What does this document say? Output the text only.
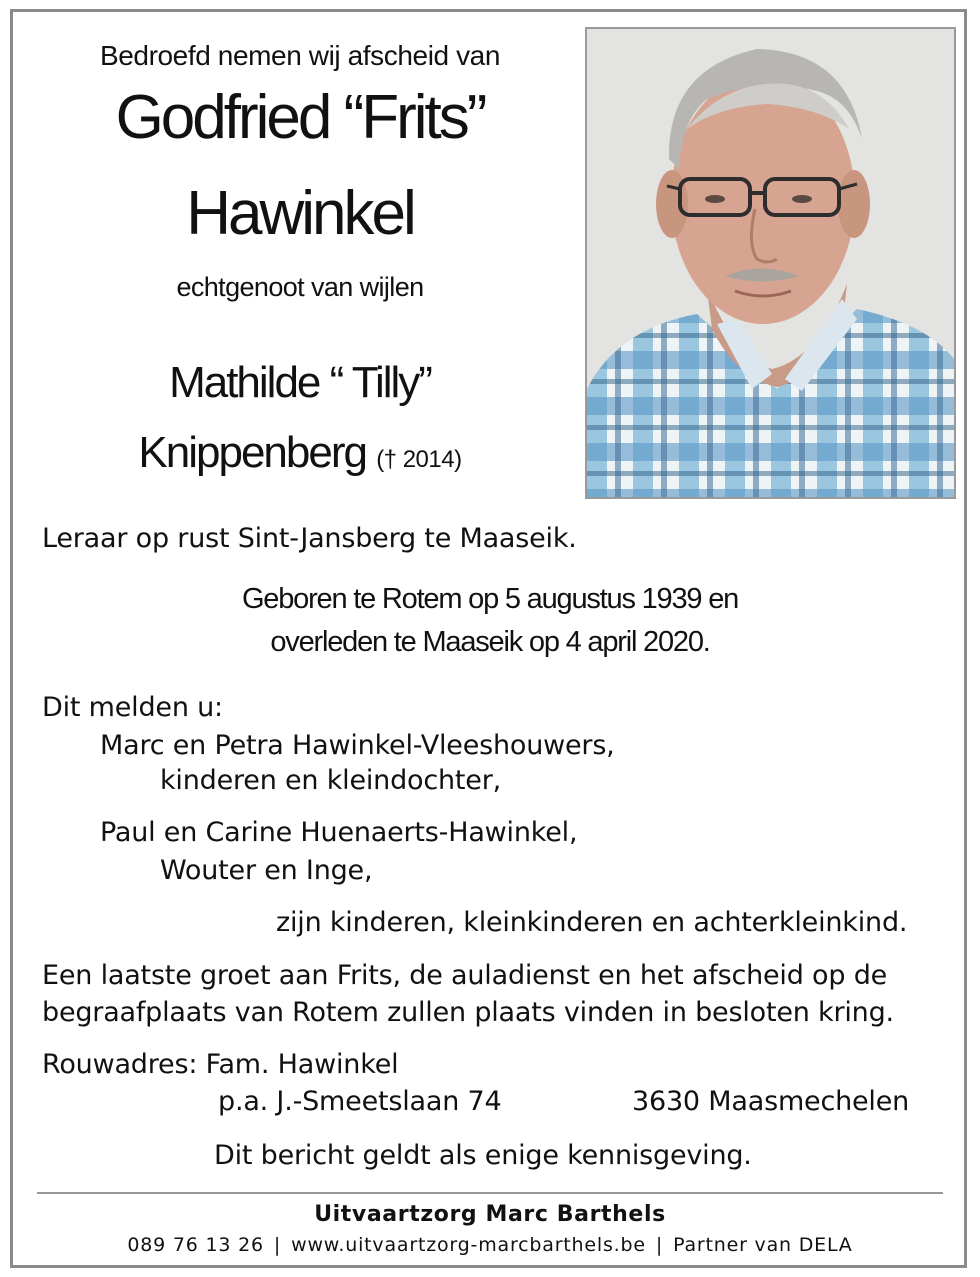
Bedroefd nemen wij afscheid van
Godfried “Frits”
Hawinkel
echtgenoot van wijlen
Mathilde “ Tilly”
Knippenberg († 2014)
Leraar op rust Sint-Jansberg te Maaseik.
Geboren te Rotem op 5 augustus 1939 en
overleden te Maaseik op 4 april 2020.
Dit melden u:
Marc en Petra Hawinkel-Vleeshouwers,
kinderen en kleindochter,
Paul en Carine Huenaerts-Hawinkel,
Wouter en Inge,
zijn kinderen, kleinkinderen en achterkleinkind.
Een laatste groet aan Frits, de auladienst en het afscheid op de
begraafplaats van Rotem zullen plaats vinden in besloten kring.
Rouwadres: Fam. Hawinkel
p.a. J.-Smeetslaan 74	3630 Maasmechelen
Dit bericht geldt als enige kennisgeving.
Uitvaartzorg Marc Barthels
089 76 13 26 | www.uitvaartzorg-marcbarthels.be | Partner van DELA
